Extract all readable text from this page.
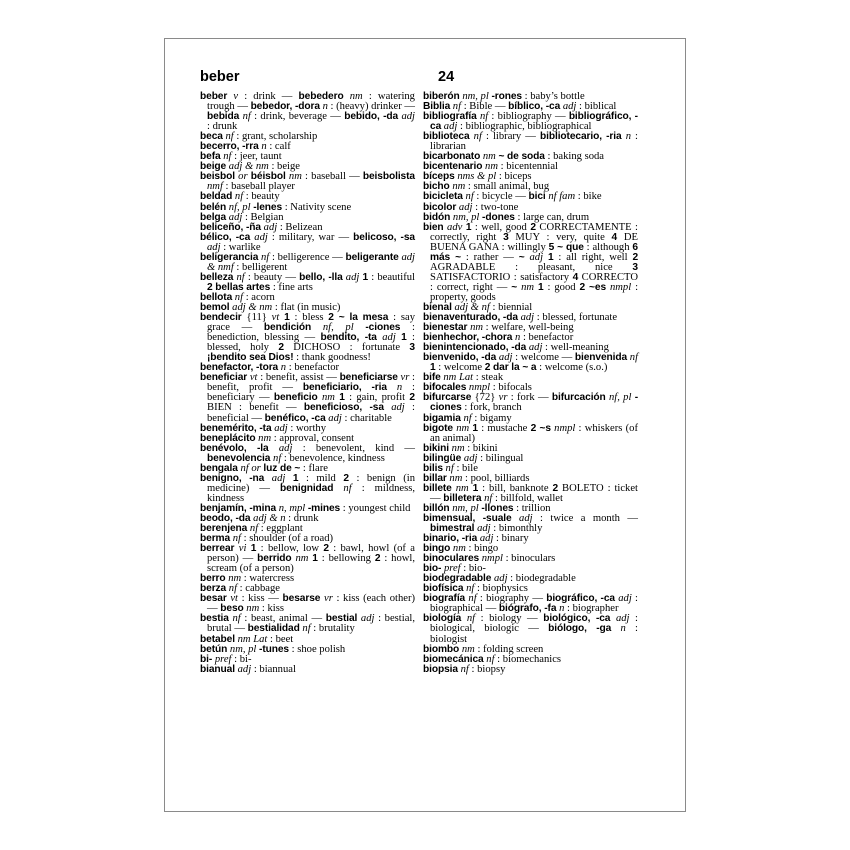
beber	24

beber v : drink — bebedero nm : watering trough — bebedor, -dora n : (heavy) drinker — bebida nf : drink, beverage — bebido, -da adj : drunk

beca nf : grant, scholarship

becerro, -rra n : calf

befa nf : jeer, taunt

beige adj & nm : beige

beisbol or béisbol nm : baseball — beisbolista nmf : baseball player

beldad nf : beauty

belén nf, pl -lenes : Nativity scene

belga adj : Belgian

beliceño, -ña adj : Belizean

bélico, -ca adj : military, war — belicoso, -sa adj : warlike

beligerancia nf : belligerence — beligerante adj & nmf : belligerent

belleza nf : beauty — bello, -lla adj 1 : beautiful 2 bellas artes : fine arts

bellota nf : acorn

bemol adj & nm : flat (in music)

bendecir {11} vt 1 : bless 2 ~ la mesa : say grace — bendición nf, pl -ciones : benediction, blessing — bendito, -ta adj 1 : blessed, holy 2 DICHOSO : fortunate 3 ¡bendito sea Dios! : thank goodness!

benefactor, -tora n : benefactor

beneficiar vt : benefit, assist — beneficiarse vr : benefit, profit — beneficiario, -ria n : beneficiary — beneficio nm 1 : gain, profit 2 BIEN : benefit — beneficioso, -sa adj : beneficial — benéfico, -ca adj : charitable

benemérito, -ta adj : worthy

beneplácito nm : approval, consent

benévolo, -la adj : benevolent, kind — benevolencia nf : benevolence, kindness

bengala nf or luz de ~ : flare

benigno, -na adj 1 : mild 2 : benign (in medicine) — benignidad nf : mildness, kindness

benjamín, -mina n, mpl -mines : youngest child

beodo, -da adj & n : drunk

berenjena nf : eggplant

berma nf : shoulder (of a road)

berrear vi 1 : bellow, low 2 : bawl, howl (of a person) — berrido nm 1 : bellowing 2 : howl, scream (of a person)

berro nm : watercress

berza nf : cabbage

besar vt : kiss — besarse vr : kiss (each other) — beso nm : kiss

bestia nf : beast, animal — bestial adj : bestial, brutal — bestialidad nf : brutality

betabel nm Lat : beet

betún nm, pl -tunes : shoe polish

bi- pref : bi-

bianual adj : biannual

biberón nm, pl -rones : baby’s bottle

Biblia nf : Bible — bíblico, -ca adj : biblical

bibliografía nf : bibliography — bibliográfico, -ca adj : bibliographic, bibliographical

biblioteca nf : library — bibliotecario, -ria n : librarian

bicarbonato nm ~ de soda : baking soda

bicentenario nm : bicentennial

bíceps nms & pl : biceps

bicho nm : small animal, bug

bicicleta nf : bicycle — bici nf fam : bike

bicolor adj : two-tone

bidón nm, pl -dones : large can, drum

bien adv 1 : well, good 2 CORRECTAMENTE : correctly, right 3 MUY : very, quite 4 DE BUENA GANA : willingly 5 ~ que : although 6 más ~ : rather — ~ adj 1 : all right, well 2 AGRADABLE : pleasant, nice 3 SATISFACTORIO : satisfactory 4 CORRECTO : correct, right — ~ nm 1 : good 2 ~es nmpl : property, goods

bienal adj & nf : biennial

bienaventurado, -da adj : blessed, fortunate

bienestar nm : welfare, well-being

bienhechor, -chora n : benefactor

bienintencionado, -da adj : well-meaning

bienvenido, -da adj : welcome — bienvenida nf 1 : welcome 2 dar la ~ a : welcome (s.o.)

bife nm Lat : steak

bifocales nmpl : bifocals

bifurcarse {72} vr : fork — bifurcación nf, pl -ciones : fork, branch

bigamia nf : bigamy

bigote nm 1 : mustache 2 ~s nmpl : whiskers (of an animal)

bikini nm : bikini

bilingüe adj : bilingual

bilis nf : bile

billar nm : pool, billiards

billete nm 1 : bill, banknote 2 BOLETO : ticket — billetera nf : billfold, wallet

billón nm, pl -llones : trillion

bimensual, -suale adj : twice a month — bimestral adj : bimonthly

binario, -ria adj : binary

bingo nm : bingo

binoculares nmpl : binoculars

bio- pref : bio-

biodegradable adj : biodegradable

biofísica nf : biophysics

biografía nf : biography — biográfico, -ca adj : biographical — biógrafo, -fa n : biographer

biología nf : biology — biológico, -ca adj : biological, biologic — biólogo, -ga n : biologist

biombo nm : folding screen

biomecánica nf : biomechanics

biopsia nf : biopsy
